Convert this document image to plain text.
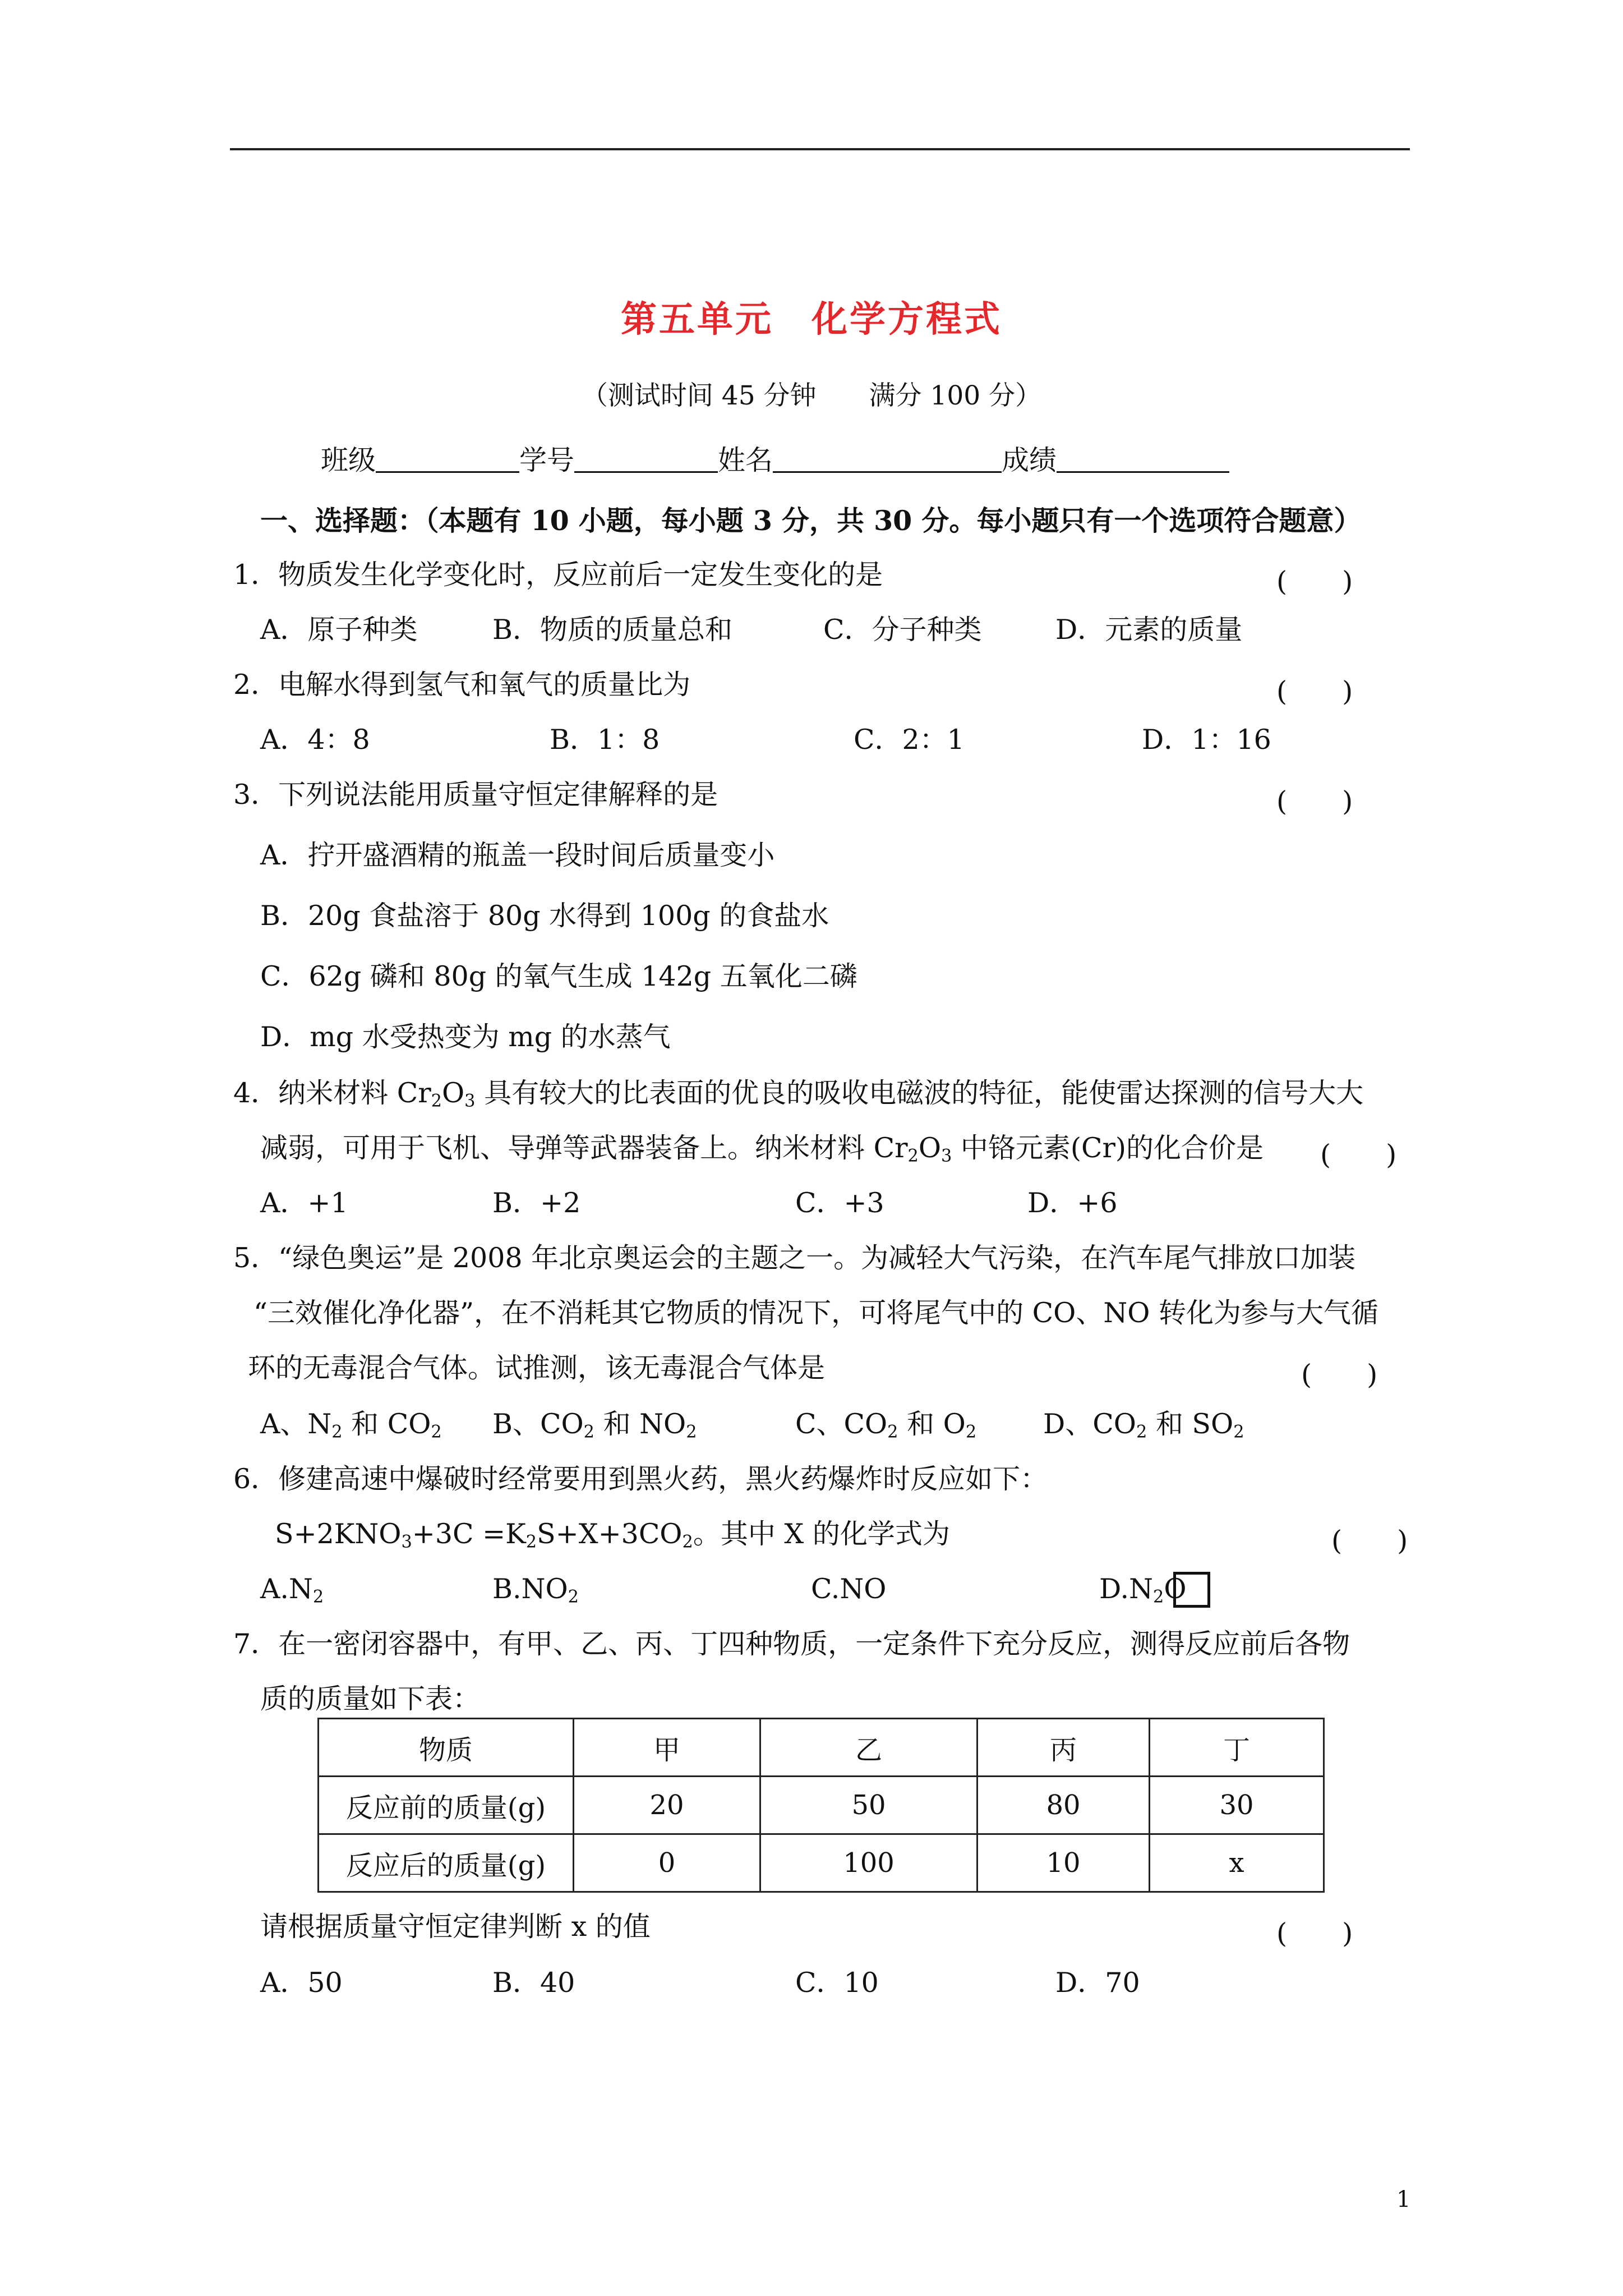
第五单元　化学方程式
（测试时间 45 分钟　　满分 100 分）
班级	学号	姓名	成绩
一、选择题：（本题有 10 小题，每小题 3 分，共 30 分。每小题只有一个选项符合题意）
1．物质发生化学变化时，反应前后一定发生变化的是	(　　)
A．原子种类	B．物质的质量总和	C．分子种类	D．元素的质量
2．电解水得到氢气和氧气的质量比为	(　　)
A．4：8	B．1：8	C．2：1	D．1：16
3．下列说法能用质量守恒定律解释的是	(　　)
A．拧开盛酒精的瓶盖一段时间后质量变小
B．20g 食盐溶于 80g 水得到 100g 的食盐水
C．62g 磷和 80g 的氧气生成 142g 五氧化二磷
D．mg 水受热变为 mg 的水蒸气
4．纳米材料 $Cr_2O_3$ 具有较大的比表面的优良的吸收电磁波的特征，能使雷达探测的信号大大
减弱，可用于飞机、导弹等武器装备上。纳米材料 $Cr_2O_3$ 中铬元素(Cr)的化合价是 (　　)
A．+1	B．+2	C．+3	D．+6
5．“绿色奥运”是 2008 年北京奥运会的主题之一。为减轻大气污染，在汽车尾气排放口加装
“三效催化净化器”，在不消耗其它物质的情况下，可将尾气中的 CO、NO 转化为参与大气循
环的无毒混合气体。试推测，该无毒混合气体是	(　　)
A、$N_2$ 和 $CO_2$ B、$CO_2$ 和 $NO_2$	C、$CO_2$ 和 $O_2$ D、$CO_2$ 和 $SO_2$
6．修建高速中爆破时经常要用到黑火药，黑火药爆炸时反应如下：
$S+2KNO_3+3C =K_2S+X+3CO_2$。其中 X 的化学式为	(　　)
$A.N_2$	$B.NO_2$	C.NO	$D.N_2O$
7．在一密闭容器中，有甲、乙、丙、丁四种物质，一定条件下充分反应，测得反应前后各物
质的质量如下表：
物质	甲	乙	丙	丁
反应前的质量(g)	20	50	80	30
反应后的质量(g)	0	100	10	x
请根据质量守恒定律判断 x 的值	(　　)
A．50	B．40	C．10	D．70
1
